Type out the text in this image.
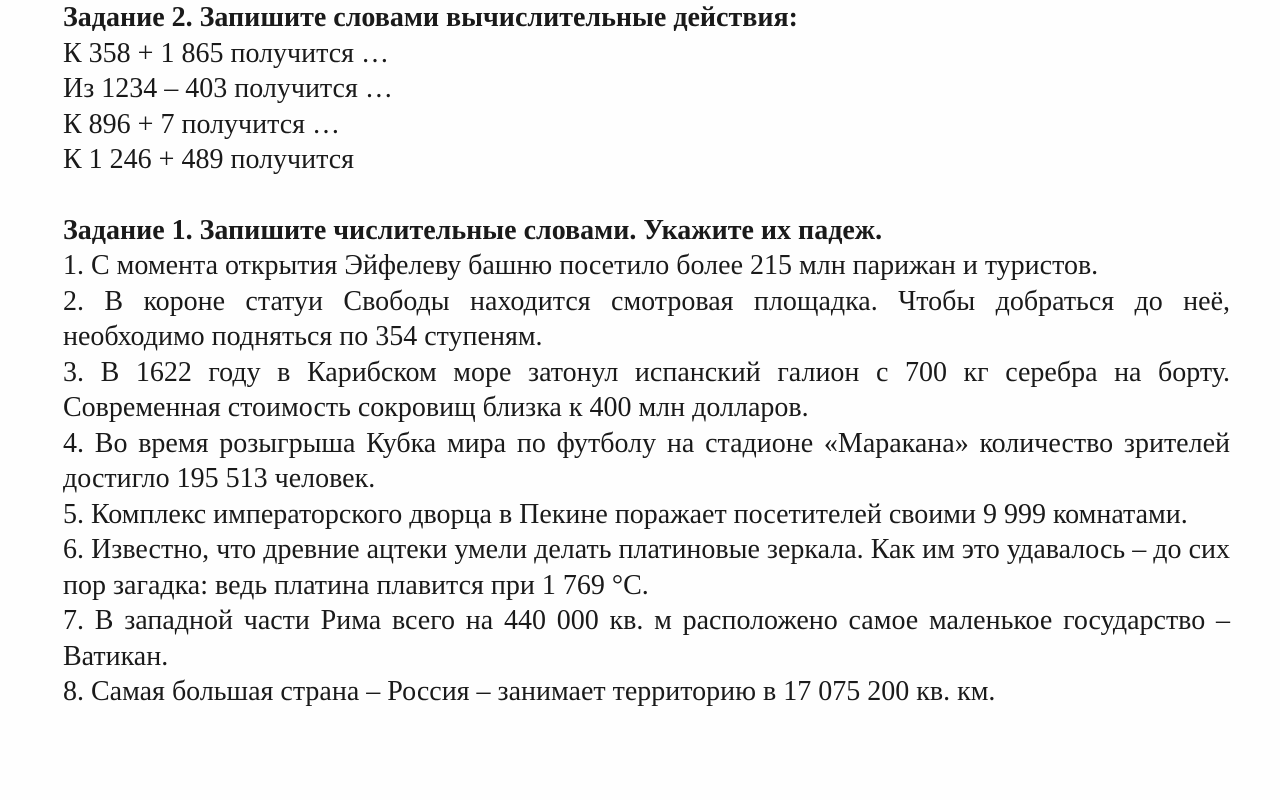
Задание 2. Запишите словами вычислительные действия:

К 358 + 1 865 получится …

Из 1234 – 403 получится …

К 896 + 7 получится …

К 1 246 + 489 получится

Задание 1. Запишите числительные словами. Укажите их падеж.

1. С момента открытия Эйфелеву башню посетило более 215 млн парижан и туристов.

2. В короне статуи Свободы находится смотровая площадка. Чтобы добраться до неё, необходимо подняться по 354 ступеням.

3. В 1622 году в Карибском море затонул испанский галион с 700 кг серебра на борту. Современная стоимость сокровищ близка к 400 млн долларов.

4. Во время розыгрыша Кубка мира по футболу на стадионе «Маракана» количество зрителей достигло 195 513 человек.

5. Комплекс императорского дворца в Пекине поражает посетителей своими 9 999 комнатами.

6. Известно, что древние ацтеки умели делать платиновые зеркала. Как им это удавалось – до сих пор загадка: ведь платина плавится при 1 769 °С.

7. В западной части Рима всего на 440 000 кв. м расположено самое маленькое государство – Ватикан.

8. Самая большая страна – Россия – занимает территорию в 17 075 200 кв. км.
